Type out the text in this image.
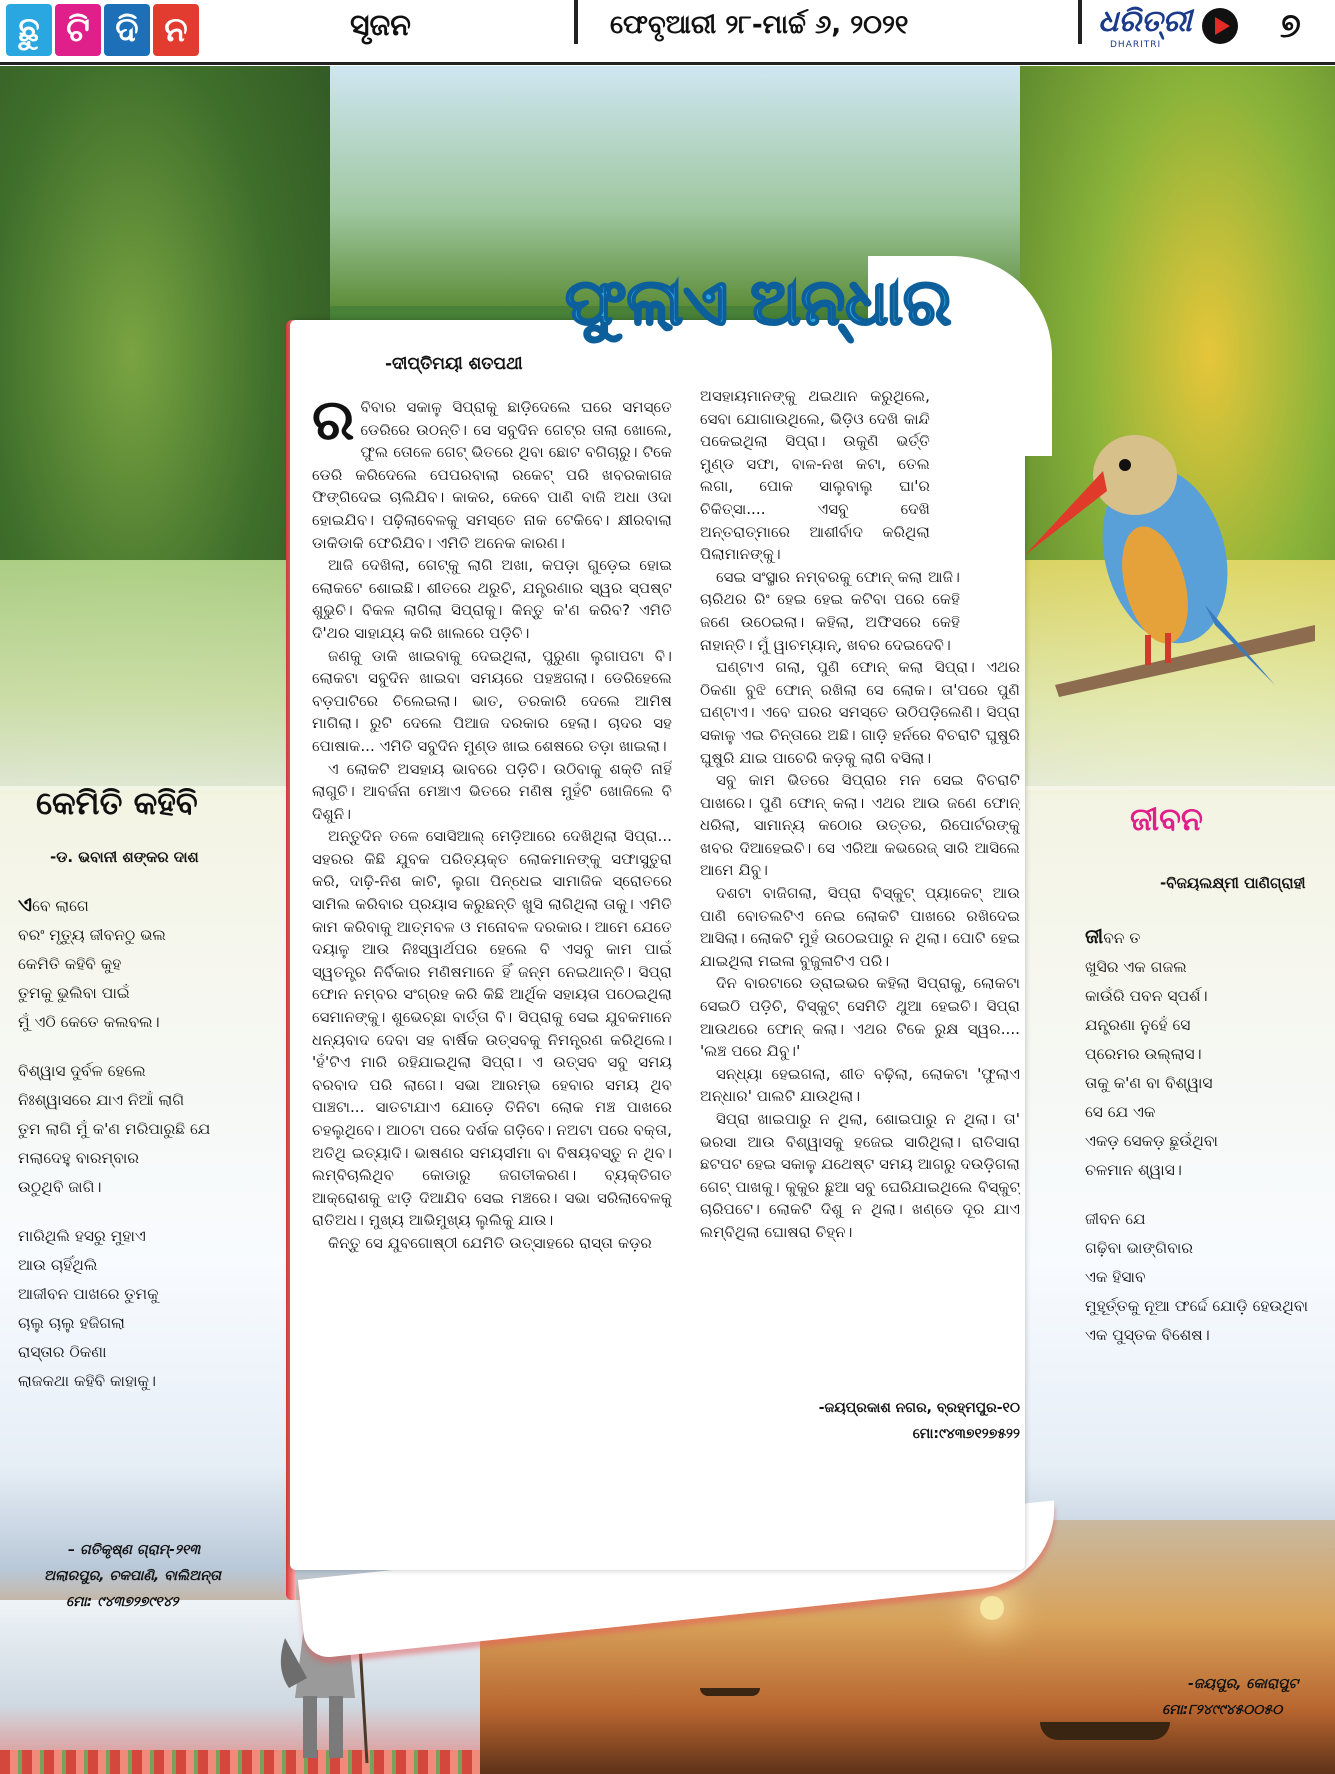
ଛୁ ଟି ଦି ନ	ସୃଜନ	ଫେବୃଆରୀ ୨୮-ମାର୍ଚ୍ଚ ୬, ୨୦୨୧	ଧରିତ୍ରୀ
DHARITRI	୭
ଫୁଲାଏ ଅନ୍ଧାର
-ଦୀପ୍ତିମୟୀ ଶତପଥୀ

ରବିବାର ସକାଳୁ ସିପ୍ରାକୁ ଛାଡ଼ିଦେଲେ ଘରେ ସମସ୍ତେ ଡେରିରେ ଉଠନ୍ତି। ସେ ସବୁଦିନ ଗେଟ୍‌ର ତାଲା ଖୋଲେ, ଫୁଲ ତୋଳେ ଗେଟ୍ ଭିତରେ ଥିବା ଛୋଟ ବଗିଚାରୁ। ଟିକେ ଡେରି କରିଦେଲେ ପେପରବାଲା ରକେଟ୍ ପରି ଖବରକାଗଜ ଫିଙ୍ଗିଦେଇ ଚାଲିଯିବ। କାକର, କେବେ ପାଣି ବାଜି ଅଧା ଓଦା ହୋଇଯିବ। ପଢ଼ିଲାବେଳକୁ ସମସ୍ତେ ନାକ ଟେକିବେ। କ୍ଷୀରବାଲା ଡାକିଡାକି ଫେରିଯିବ। ଏମିତି ଅନେକ କାରଣ।

ଆଜି ଦେଖିଲା, ଗେଟ୍‌କୁ ଲାଗି ଅଖା, କପଡ଼ା ଗୁଡ଼େଇ ହୋଇ ଲୋକଟେ ଶୋଇଛି। ଶୀତରେ ଥରୁଚି, ଯନ୍ତ୍ରଣାର ସ୍ୱର ସ୍ପଷ୍ଟ ଶୁଭୁଚି। ବିକଳ ଲାଗିଲା ସିପ୍ରାକୁ। କିନ୍ତୁ କ'ଣ କରିବ? ଏମିତି ଦି'ଥର ସାହାଯ୍ୟ କରି ଖାଲରେ ପଡ଼ିଚି।

ଜଣକୁ ଡାକି ଖାଇବାକୁ ଦେଇଥିଲା, ପୁରୁଣା ଲୁଗାପଟା ବି। ଲୋକଟା ସବୁଦିନ ଖାଇବା ସମୟରେ ପହଞ୍ଚଗଲା। ଡେରିହେଲେ ବଡ଼ପାଟିରେ ଚିଲେଇଲା। ଭାତ, ତରକାରି ଦେଲେ ଆମିଷ ମାଗିଲା। ରୁଟି ଦେଲେ ପିଆଜ ଦରକାର ହେଲା। ଚାଦର ସହ ପୋଷାକ... ଏମିତି ସବୁଦିନ ମୁଣ୍ଡ ଖାଇ ଶେଷରେ ତଡ଼ା ଖାଇଲା।

ଏ ଲୋକଟି ଅସହାୟ ଭାବରେ ପଡ଼ିଚି। ଉଠିବାକୁ ଶକ୍ତି ନାହିଁ ଲାଗୁଚି। ଆବର୍ଜନା ମେଞ୍ଚାଏ ଭିତରେ ମଣିଷ ମୁହଁଟି ଖୋଜିଲେ ବି ଦିଶୁନି।

ଅନ୍ତୁଦିନ ତଳେ ସୋସିଆଲ୍ ମେଡ଼ିଆରେ ଦେଖିଥିଲା ସିପ୍ରା... ସହରର କିଛି ଯୁବକ ପରିତ୍ୟକ୍ତ ଲୋକମାନଙ୍କୁ ସଫାସୁତୁରା କରି, ଦାଢ଼ି-ନିଶ କାଟି, ଲୁଗା ପିନ୍ଧେଇ ସାମାଜିକ ସ୍ରୋତରେ ସାମିଲ କରିବାର ପ୍ରୟାସ କରୁଛନ୍ତି ଖୁସି ଲାଗିଥିଲା ତାକୁ। ଏମିତି କାମ କରିବାକୁ ଆତ୍ମବଳ ଓ ମନୋବଳ ଦରକାର। ଆମେ ଯେତେ ଦୟାଳୁ ଆଉ ନିଃସ୍ୱାର୍ଥପର ହେଲେ ବି ଏସବୁ କାମ ପାଇଁ ସ୍ୱତନ୍ତ୍ର ନିର୍ବିକାର ମଣିଷମାନେ ହିଁ ଜନ୍ମ ନେଇଥାନ୍ତି। ସିପ୍ରା ଫୋନ ନମ୍ବର ସଂଗ୍ରହ କରି କିଛି ଆର୍ଥିକ ସହାୟତା ପଠେଇଥିଲା ସେମାନଙ୍କୁ। ଶୁଭେଚ୍ଛା ବାର୍ତ୍ତା ବି। ସିପ୍ରାକୁ ସେଇ ଯୁବକମାନେ ଧନ୍ୟବାଦ ଦେବା ସହ ବାର୍ଷିକ ଉତ୍ସବକୁ ନିମନ୍ତ୍ରଣ କରିଥିଲେ। 'ହଁ'ଟିଏ ମାରି ରହିଯାଇଥିଲା ସିପ୍ରା। ଏ ଉତ୍ସବ ସବୁ ସମୟ ବରବାଦ ପରି ଲାଗେ। ସଭା ଆରମ୍ଭ ହେବାର ସମୟ ଥିବ ପାଞ୍ଚଟା... ସାତଟାଯାଏ ଯୋଡ଼େ ତିନିଟା ଲୋକ ମଞ୍ଚ ପାଖରେ ଚହଲୁଥିବେ। ଆଠଟା ପରେ ଦର୍ଶକ ଗଡ଼ିବେ। ନଅଟା ପରେ ବକ୍ତା, ଅତିଥି ଇତ୍ୟାଦି। ଭାଷଣର ସମୟସୀମା ବା ବିଷୟବସ୍ତୁ ନ ଥିବ। ଲମ୍ବିଚାଲିଥିବ କୋଡାରୁ ଜଗତୀକରଣ। ବ୍ୟକ୍ତିଗତ ଆକ୍ରୋଶକୁ ଝାଡ଼ି ଦିଆଯିବ ସେଇ ମଞ୍ଚରେ। ସଭା ସରିଲାବେଳକୁ ରାତିଅଧ। ମୁଖ୍ୟ ଆଭିମୁଖ୍ୟ ଲୁଲିକୁ ଯାଉ।

କିନ୍ତୁ ସେ ଯୁବଗୋଷ୍ଠୀ ଯେମିତି ଉତ୍ସାହରେ ରାସ୍ତା କଡ଼ର

ଅସହାୟମାନଙ୍କୁ ଥଇଥାନ କରୁଥିଲେ, ସେବା ଯୋଗାଉଥିଲେ, ଭିଡ଼ିଓ ଦେଖି କାନ୍ଦି ପକେଇଥିଲା ସିପ୍ରା। ଉକୁଣି ଭର୍ତ୍ତି ମୁଣ୍ଡ ସଫା, ବାଳ-ନଖ କଟା, ତେଲ ଲଗା, ପୋକ ସାଲୁବାଲୁ ଘା'ର ଚିକିତ୍ସା.... ଏସବୁ ଦେଖି ଅନ୍ତରାତ୍ମାରେ ଆଶୀର୍ବାଦ କରିଥିଲା ପିଲାମାନଙ୍କୁ।

ସେଇ ସଂସ୍ଥାର ନମ୍ବରକୁ ଫୋନ୍ କଲା ଆଜି। ଚାରିଥର ରିଂ ହେଇ ହେଇ କଟିବା ପରେ କେହି ଜଣେ ଉଠେଇଲା। କହିଲା, ଅଫିସରେ କେହି ନାହାନ୍ତି। ମୁଁ ୱାଚମ୍ୟାନ୍, ଖବର ଦେଇଦେବି।

ଘଣ୍ଟାଏ ଗଲା, ପୁଣି ଫୋନ୍ କଲା ସିପ୍ରା। ଏଥର ଠିକଣା ବୁଝି ଫୋନ୍ ରଖିଲା ସେ ଲୋକ। ତା'ପରେ ପୁଣି ଘଣ୍ଟାଏ। ଏବେ ଘରର ସମସ୍ତେ ଉଠିପଡ଼ିଲେଣି। ସିପ୍ରା ସକାଳୁ ଏଇ ଚିନ୍ତାରେ ଅଛି। ଗାଡ଼ି ହର୍ନରେ ବିଚରାଟି ଘୁଷୁରି ଘୁଷୁରି ଯାଇ ପାଚେରି କଡ଼କୁ ଲାଗି ବସିଲା।

ସବୁ କାମ ଭିତରେ ସିପ୍ରାର ମନ ସେଇ ବିଚରାଟି ପାଖରେ। ପୁଣି ଫୋନ୍ କଲା। ଏଥର ଆଉ ଜଣେ ଫୋନ୍ ଧରିଲା, ସାମାନ୍ୟ କଠୋର ଉତ୍ତର, ରିପୋର୍ଟରଙ୍କୁ ଖବର ଦିଆହେଇଚି। ସେ ଏରିଆ କଭରେଜ୍ ସାରି ଆସିଲେ ଆମେ ଯିବୁ।

ଦଶଟା ବାଜିଗଲା, ସିପ୍ରା ବିସ୍କୁଟ୍ ପ୍ୟାକେଟ୍ ଆଉ ପାଣି ବୋତଲଟିଏ ନେଇ ଲୋକଟି ପାଖରେ ରଖିଦେଇ ଆସିଲା। ଲୋକଟି ମୁହଁ ଉଠେଇପାରୁ ନ ଥିଲା। ପୋଟି ହେଇ ଯାଇଥିଲା ମଇଳା ବୁଜୁଳାଟିଏ ପରି।

ଦିନ ବାରଟାରେ ଡ୍ରାଇଭର କହିଲା ସିପ୍ରାକୁ, ଲୋକଟା ସେଇଠି ପଡ଼ିଚି, ବିସ୍କୁଟ୍ ସେମିତି ଥୁଆ ହେଇଚି। ସିପ୍ରା ଆଉଥରେ ଫୋନ୍ କଲା। ଏଥର ଟିକେ ରୁକ୍ଷ ସ୍ୱର.... 'ଲଞ୍ଚ ପରେ ଯିବୁ।'

ସନ୍ଧ୍ୟା ହେଇଗଲା, ଶୀତ ବଢ଼ିଲା, ଲୋକଟା 'ଫୁଲାଏ ଅନ୍ଧାର' ପାଲଟି ଯାଉଥିଲା।

ସିପ୍ରା ଖାଇପାରୁ ନ ଥିଲା, ଶୋଇପାରୁ ନ ଥିଲା। ତା' ଭରସା ଆଉ ବିଶ୍ୱାସକୁ ହଜେଇ ସାରିଥିଲା। ରାତିସାରା ଛଟପଟ ହେଇ ସକାଳୁ ଯଥେଷ୍ଟ ସମୟ ଆଗରୁ ଦଉଡ଼ିଗଲା ଗେଟ୍ ପାଖକୁ। କୁକୁର ଛୁଆ ସବୁ ଘେରିଯାଇଥିଲେ ବିସ୍କୁଟ୍ ଚାରିପଟେ। ଲୋକଟି ଦିଶୁ ନ ଥିଲା। ଖଣ୍ଡେ ଦୂର ଯାଏ ଲମ୍ବିଥିଲା ଘୋଷରା ଚିହ୍ନ।

-ଜୟପ୍ରକାଶ ନଗର, ବ୍ରହ୍ମପୁର-୧୦
ମୋ:୯୪୩୭୧୨୭୫୨୨
କେମିତି କହିବି
-ଡ. ଭବାନୀ ଶଙ୍କର ଦାଶ
ଏବେ ଲାଗେ
ବରଂ ମୃତ୍ୟୁ ଜୀବନଠୁ ଭଲ
କେମିତି କହିବି କୁହ
ତୁମକୁ ଭୁଲିବା ପାଇଁ
ମୁଁ ଏଠି କେତେ କଲବଲ।
ବିଶ୍ୱାସ ଦୁର୍ବଳ ହେଲେ
ନିଃଶ୍ୱାସରେ ଯାଏ ନିଆଁ ଲାଗି
ତୁମ ଲାଗି ମୁଁ କ'ଣ ମରିପାରୁଛି ଯେ
ମଲାଦେହୁ ବାରମ୍ବାର
ଉଠୁଥିବି ଜାଗି।
ମାରିଥିଲି ହସରୁ ମୁହାଏ
ଆଉ ଚାହିଁଥିଲି
ଆଜୀବନ ପାଖରେ ତୁମକୁ
ଚାଲୁ ଚାଲୁ ହଜିଗଲା
ରାସ୍ତାର ଠିକଣା
ଲାଜକଥା କହିବି କାହାକୁ।
– ଗତିକୃଷ୍ଣ ଗ୍ରାମ୍-୨୧୩
ଅଲାରପୁର, ଚକପାଣି, ବାଲିଅନ୍ତା
ମୋ: ୯୪୩୭୨୭୯୧୪୨
ଜୀବନ
-ବିଜୟଲକ୍ଷ୍ମୀ ପାଣିଗ୍ରାହୀ
ଜୀବନ ତ
ଖୁସିର ଏକ ଗଜଲ
କାଉଁରି ପବନ ସ୍ପର୍ଶ।
ଯନ୍ତ୍ରଣା ନୁହେଁ ସେ
ପ୍ରେମର ଉଲ୍ଲାସ।
ତାକୁ କ'ଣ ବା ବିଶ୍ୱାସ
ସେ ଯେ ଏକ
ଏକଡ଼ ସେକଡ଼ ଛୁଉଁଥିବା
ଚଳମାନ ଶ୍ୱାସ।
ଜୀବନ ଯେ
ଗଢ଼ିବା ଭାଙ୍ଗିବାର
ଏକ ହିସାବ
ମୁହୂର୍ତ୍ତକୁ ନୂଆ ଫର୍ଦ୍ଦେ ଯୋଡ଼ି ହେଉଥିବା
ଏକ ପୁସ୍ତକ ବିଶେଷ।
-ଜୟପୁର, କୋରାପୁଟ
ମୋ:୮୨୪୯୯୪୫୦୦୫୦
